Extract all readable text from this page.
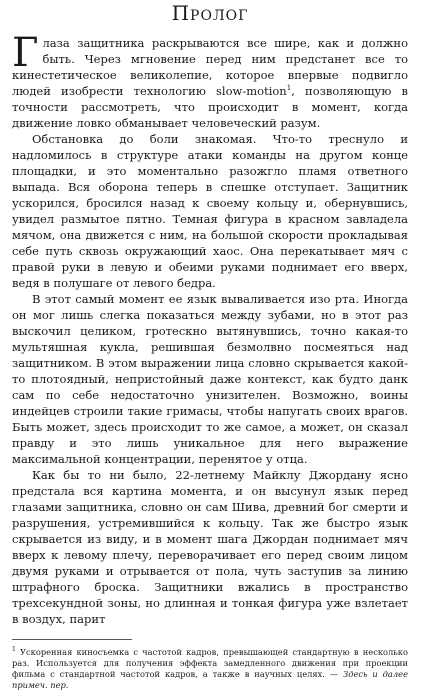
Пролог

Глаза защитника раскрываются все шире, как и должно быть. Через мгновение перед ним предстанет все то кинестетическое великолепие, которое впервые подвигло людей изобрести технологию slow-motion$^1$, позволяющую в точности рассмотреть, что происходит в момент, когда движение ловко обманывает человеческий разум.

Обстановка до боли знакомая. Что-то треснуло и надломилось в структуре атаки команды на другом конце площадки, и это моментально разожгло пламя ответного выпада. Вся оборона теперь в спешке отступает. Защитник ускорился, бросился назад к своему кольцу и, обернувшись, увидел размытое пятно. Темная фигура в красном завладела мячом, она движется с ним, на большой скорости прокладывая себе путь сквозь окружающий хаос. Она перекатывает мяч с правой руки в левую и обеими руками поднимает его вверх, ведя в полушаге от левого бедра.

В этот самый момент ее язык вываливается изо рта. Иногда он мог лишь слегка показаться между зубами, но в этот раз выскочил целиком, гротескно вытянувшись, точно какая-то мультяшная кукла, решившая безмолвно посмеяться над защитником. В этом выражении лица словно скрывается какой-то плотоядный, непристойный даже контекст, как будто данк сам по себе недостаточно унизителен. Возможно, воины индейцев строили такие гримасы, чтобы напугать своих врагов. Быть может, здесь происходит то же самое, а может, он сказал правду и это лишь уникальное для него выражение максимальной концентрации, перенятое у отца.

Как бы то ни было, 22-летнему Майклу Джордану ясно предстала вся картина момента, и он высунул язык перед глазами защитника, словно он сам Шива, древний бог смерти и разрушения, устремившийся к кольцу. Так же быстро язык скрывается из виду, и в момент шага Джордан поднимает мяч вверх к левому плечу, переворачивает его перед своим лицом двумя руками и отрывается от пола, чуть заступив за линию штрафного броска. Защитники вжались в пространство трехсекундной зоны, но длинная и тонкая фигура уже взлетает в воздух, парит

$^1$ Ускоренная киносъемка с частотой кадров, превышающей стандартную в несколько раз. Используется для получения эффекта замедленного движения при проекции фильма с стандартной частотой кадров, а также в научных целях. — Здесь и далее примеч. пер.
